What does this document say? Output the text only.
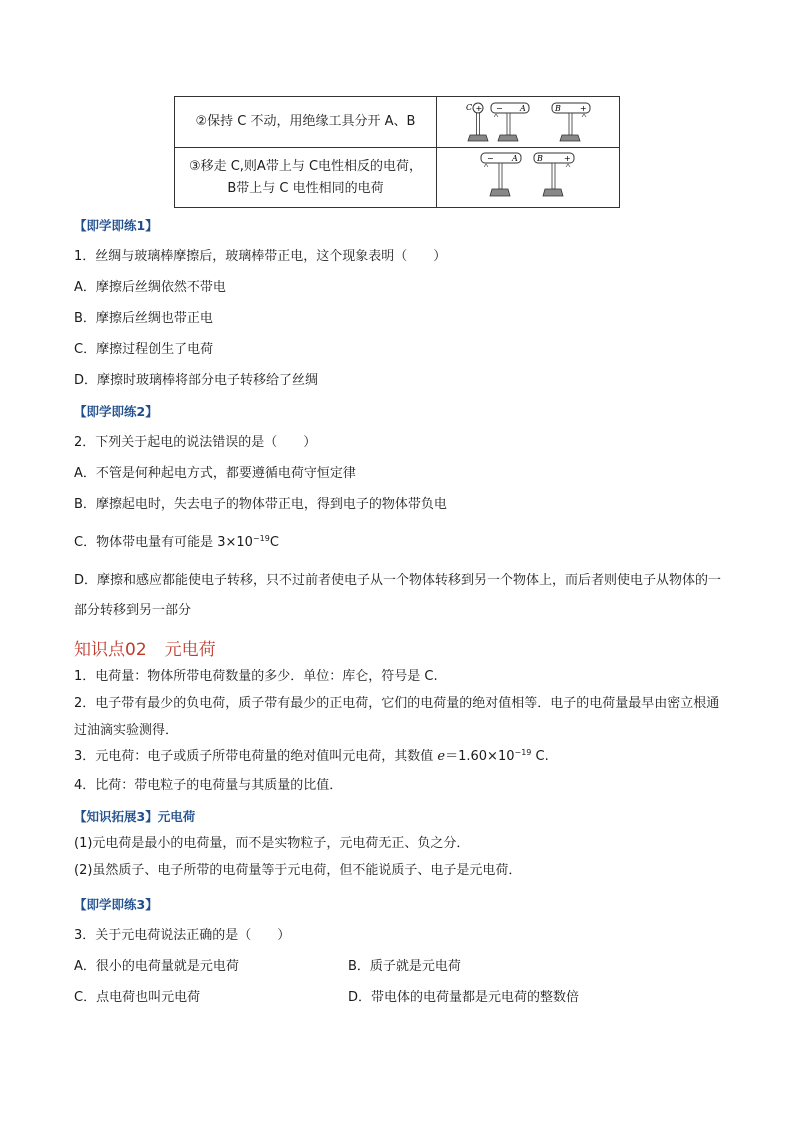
②保持 C 不动，用绝缘工具分开 A、B
C + − A	B +
③移走 C,则A带上与 C电性相反的电荷，
B带上与 C 电性相同的电荷
− A B	+
【即学即练1】
1．丝绸与玻璃棒摩擦后，玻璃棒带正电，这个现象表明（　　）
A．摩擦后丝绸依然不带电
B．摩擦后丝绸也带正电
C．摩擦过程创生了电荷
D．摩擦时玻璃棒将部分电子转移给了丝绸
【即学即练2】
2．下列关于起电的说法错误的是（　　）
A．不管是何种起电方式，都要遵循电荷守恒定律
B．摩擦起电时，失去电子的物体带正电，得到电子的物体带负电
C．物体带电量有可能是 $3\times 10^{-19}C$
D．摩擦和感应都能使电子转移，只不过前者使电子从一个物体转移到另一个物体上，而后者则使电子从物体的一部分转移到另一部分
知识点02 元电荷
1．电荷量：物体所带电荷数量的多少．单位：库仑，符号是 C.
2．电子带有最少的负电荷，质子带有最少的正电荷，它们的电荷量的绝对值相等．电子的电荷量最早由密立根通过油滴实验测得．
3．元电荷：电子或质子所带电荷量的绝对值叫元电荷，其数值 $e=1.60\times 10^{-19}$ C.
4．比荷：带电粒子的电荷量与其质量的比值．
【知识拓展3】元电荷
(1)元电荷是最小的电荷量，而不是实物粒子，元电荷无正、负之分．
(2)虽然质子、电子所带的电荷量等于元电荷，但不能说质子、电子是元电荷．
【即学即练3】
3．关于元电荷说法正确的是（　　）
A．很小的电荷量就是元电荷	B．质子就是元电荷
C．点电荷也叫元电荷	D．带电体的电荷量都是元电荷的整数倍
